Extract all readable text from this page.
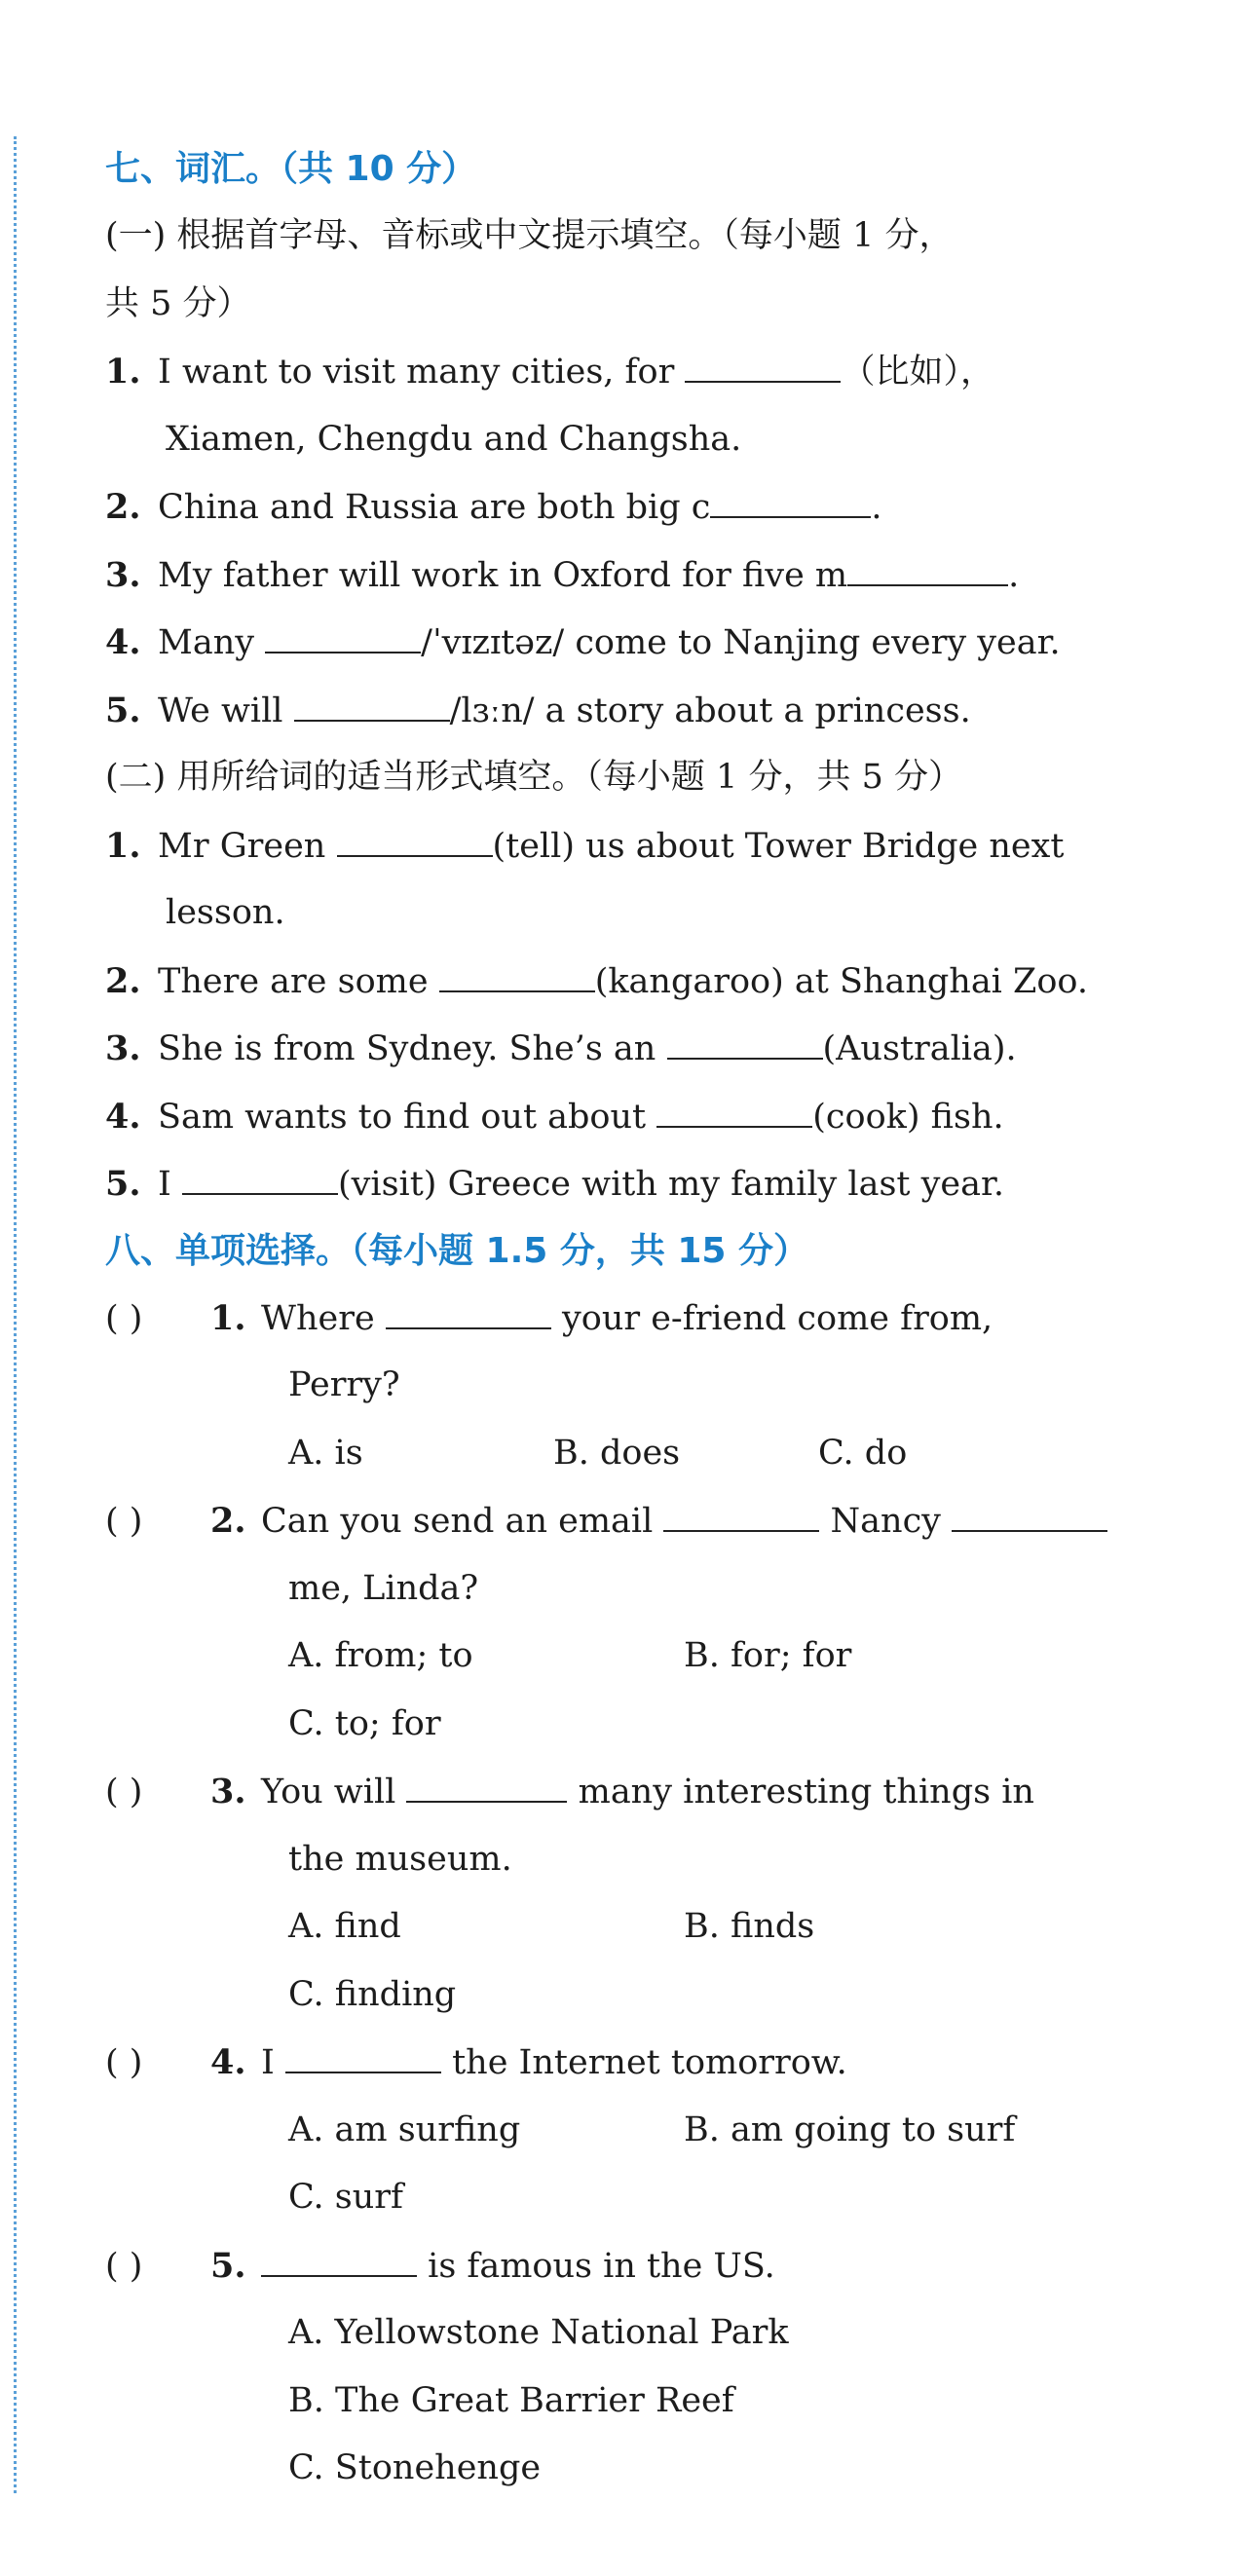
七、词汇。（共 10 分）
(一) 根据首字母、音标或中文提示填空。（每小题 1 分，
共 5 分）
1. I want to visit many cities, for	（比如），
Xiamen, Chengdu and Changsha.
2. China and Russia are both big c	.
3. My father will work in Oxford for five m	.
4. Many	/ˈvɪzɪtəz/ come to Nanjing every year.
5. We will	/lɜːn/ a story about a princess.
(二) 用所给词的适当形式填空。（每小题 1 分，共 5 分）
1. Mr Green	(tell) us about Tower Bridge next
lesson.
2. There are some	(kangaroo) at Shanghai Zoo.
3. She is from Sydney. She’s an	(Australia).
4. Sam wants to find out about	(cook) fish.
5. I	(visit) Greece with my family last year.
八、单项选择。（每小题 1.5 分，共 15 分）
( ) 1. Where	your e-friend come from,
Perry?
A. is	B. does	C. do
( ) 2. Can you send an email	Nancy
me, Linda?
A. from; to	B. for; for
C. to; for
( ) 3. You will	many interesting things in
the museum.
A. find	B. finds
C. finding
( ) 4. I	the Internet tomorrow.
A. am surfing	B. am going to surf
C. surf
( ) 5.	is famous in the US.
A. Yellowstone National Park
B. The Great Barrier Reef
C. Stonehenge
